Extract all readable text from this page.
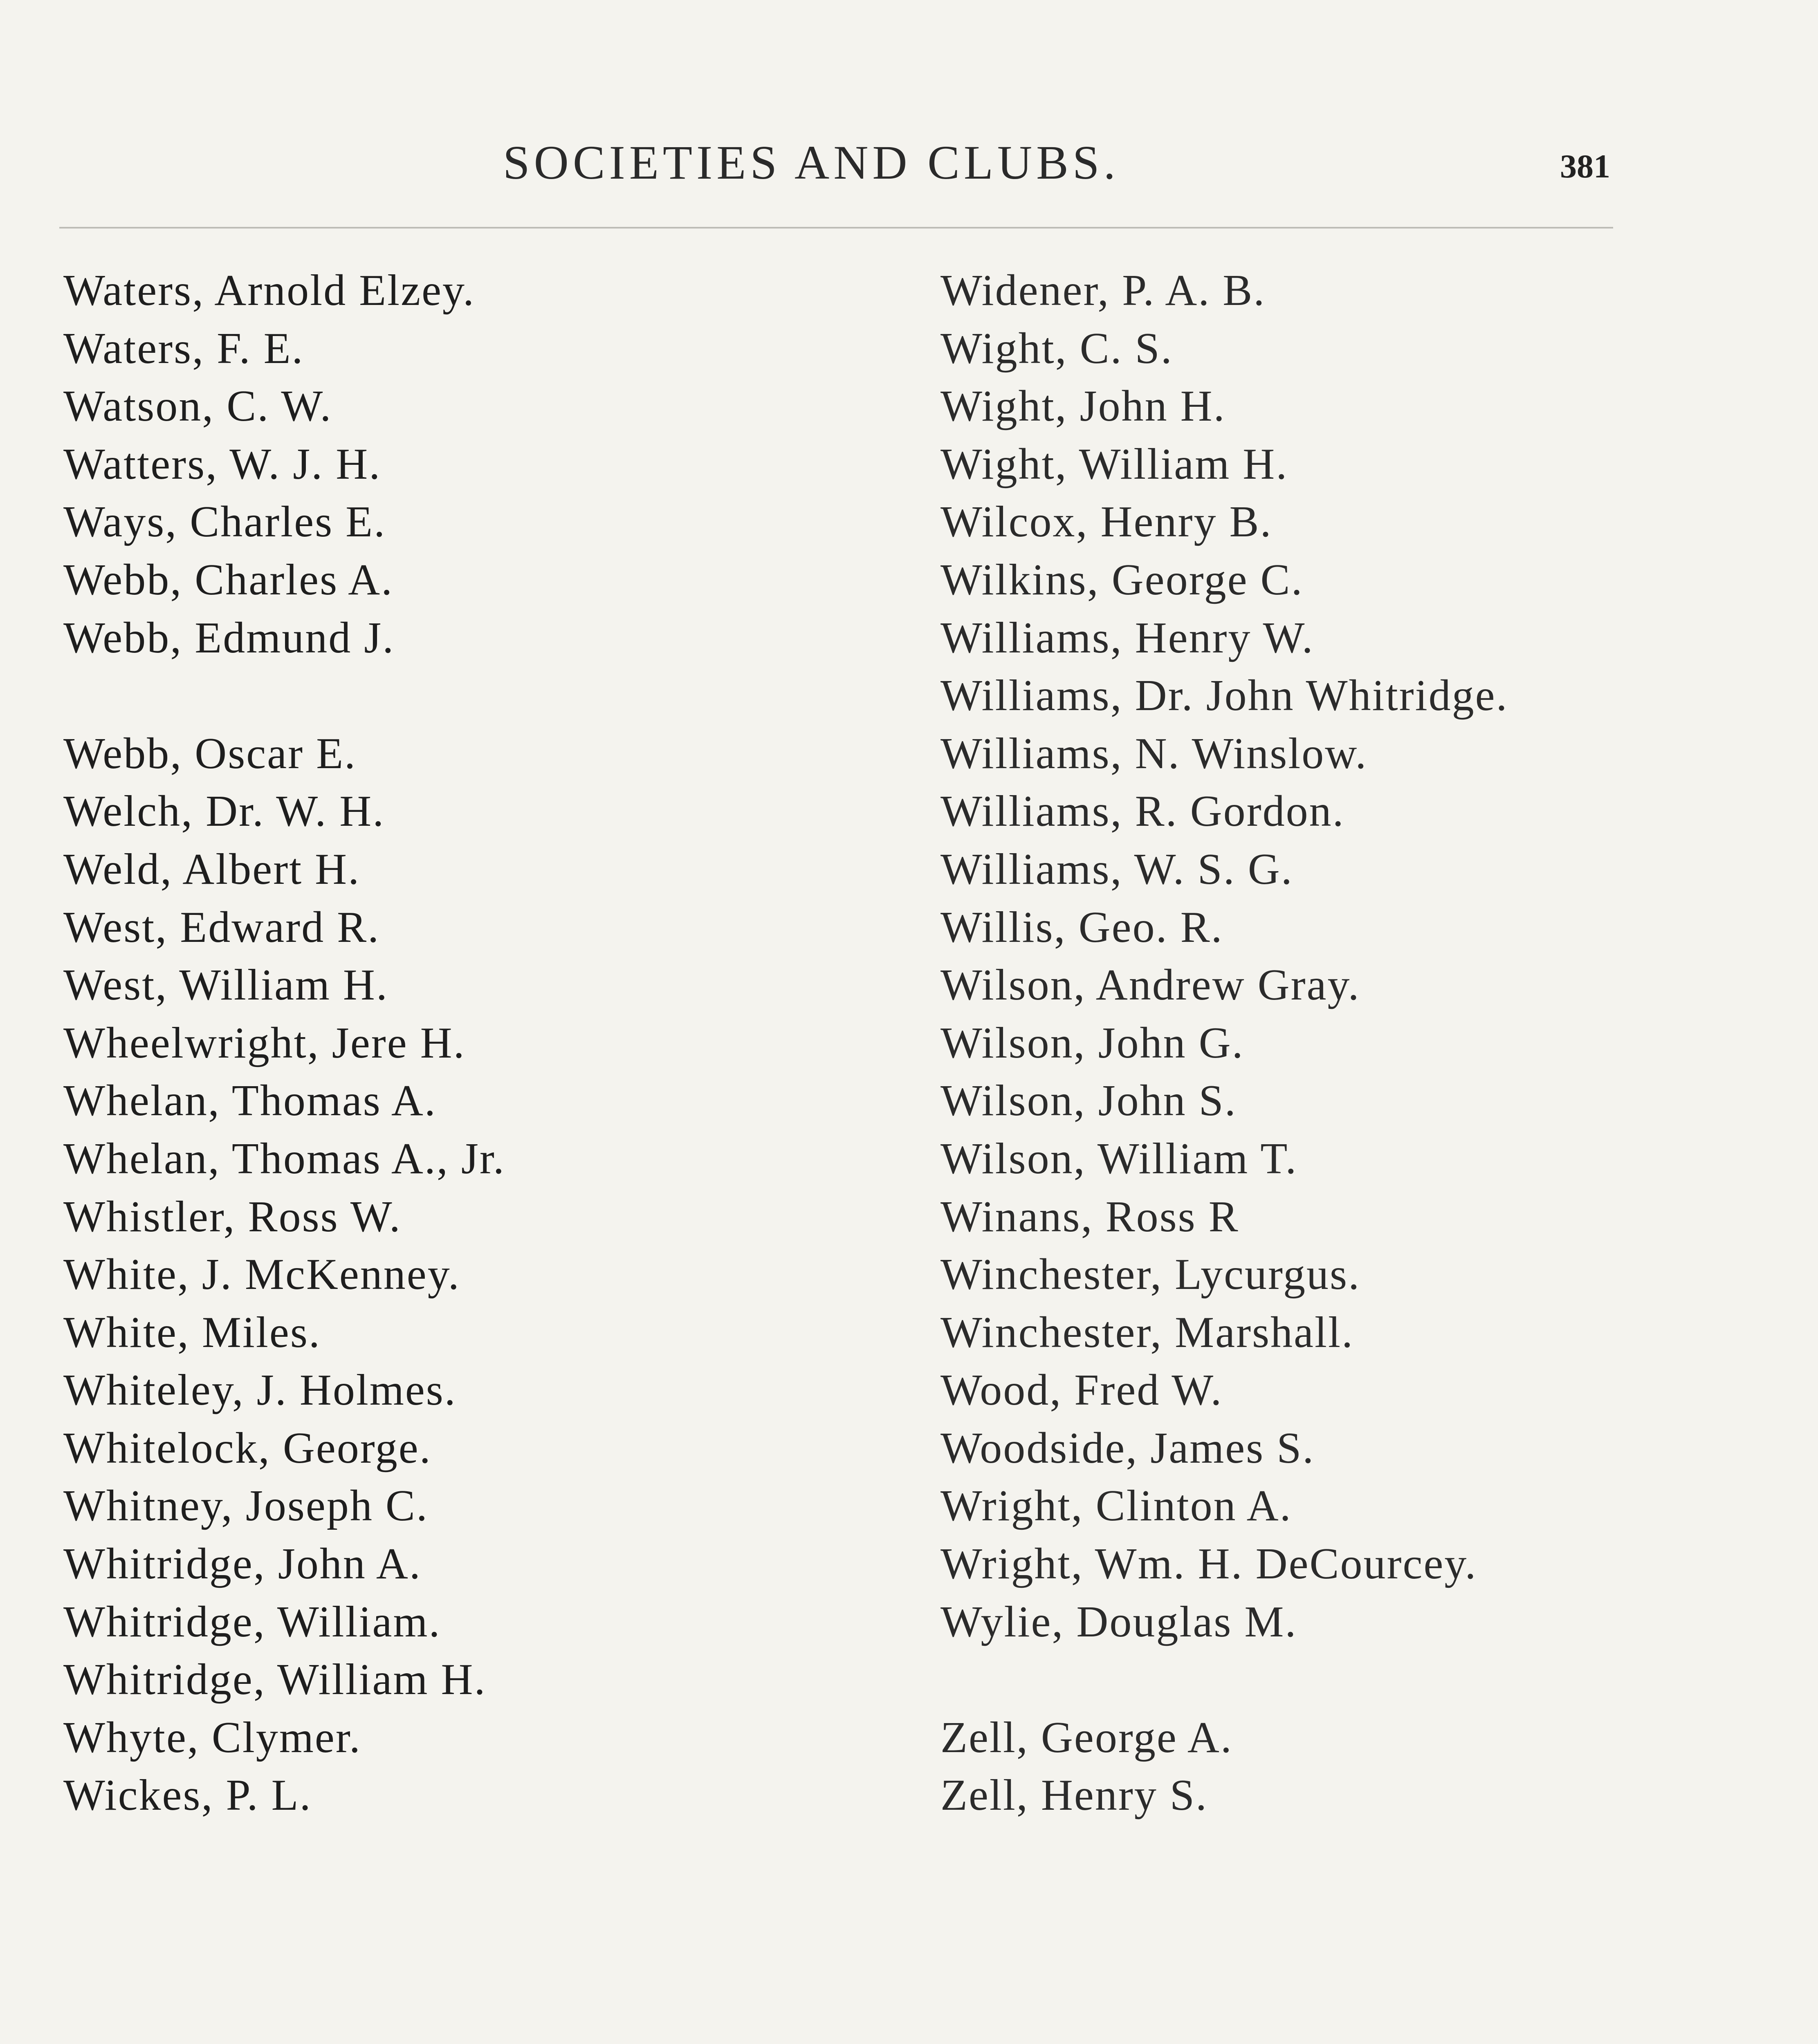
SOCIETIES AND CLUBS.	381
Waters, Arnold Elzey.
Waters, F. E.
Watson, C. W.
Watters, W. J. H.
Ways, Charles E.
Webb, Charles A.
Webb, Edmund J.
Webb, Oscar E.
Welch, Dr. W. H.
Weld, Albert H.
West, Edward R.
West, William H.
Wheelwright, Jere H.
Whelan, Thomas A.
Whelan, Thomas A., Jr.
Whistler, Ross W.
White, J. McKenney.
White, Miles.
Whiteley, J. Holmes.
Whitelock, George.
Whitney, Joseph C.
Whitridge, John A.
Whitridge, William.
Whitridge, William H.
Whyte, Clymer.
Wickes, P. L.
Widener, P. A. B.
Wight, C. S.
Wight, John H.
Wight, William H.
Wilcox, Henry B.
Wilkins, George C.
Williams, Henry W.
Williams, Dr. John Whitridge.
Williams, N. Winslow.
Williams, R. Gordon.
Williams, W. S. G.
Willis, Geo. R.
Wilson, Andrew Gray.
Wilson, John G.
Wilson, John S.
Wilson, William T.
Winans, Ross R
Winchester, Lycurgus.
Winchester, Marshall.
Wood, Fred W.
Woodside, James S.
Wright, Clinton A.
Wright, Wm. H. DeCourcey.
Wylie, Douglas M.
Zell, George A.
Zell, Henry S.
